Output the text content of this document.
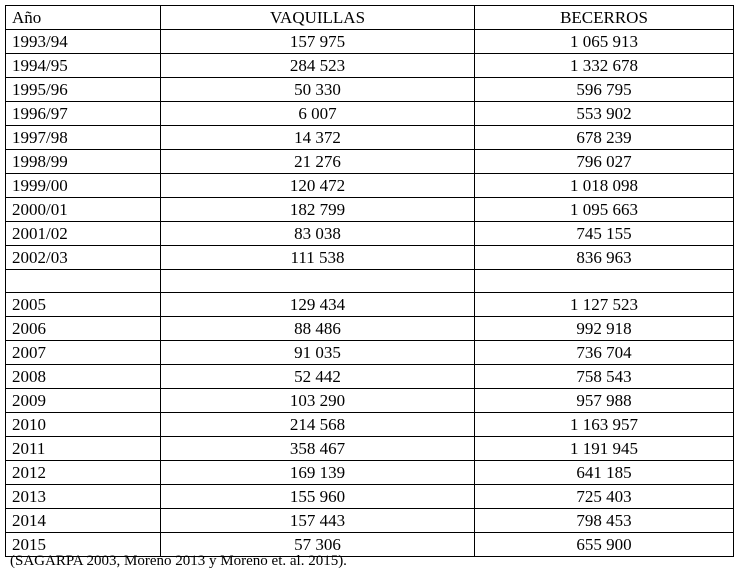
Año	VAQUILLAS	BECERROS
1993/94	157 975	1 065 913
1994/95	284 523	1 332 678
1995/96	50 330	596 795
1996/97	6 007	553 902
1997/98	14 372	678 239
1998/99	21 276	796 027
1999/00	120 472	1 018 098
2000/01	182 799	1 095 663
2001/02	83 038	745 155
2002/03	111 538	836 963

2005	129 434	1 127 523
2006	88 486	992 918
2007	91 035	736 704
2008	52 442	758 543
2009	103 290	957 988
2010	214 568	1 163 957
2011	358 467	1 191 945
2012	169 139	641 185
2013	155 960	725 403
2014	157 443	798 453
2015	57 306	655 900
(SAGARPA 2003, Moreno 2013 y Moreno et. al. 2015).
